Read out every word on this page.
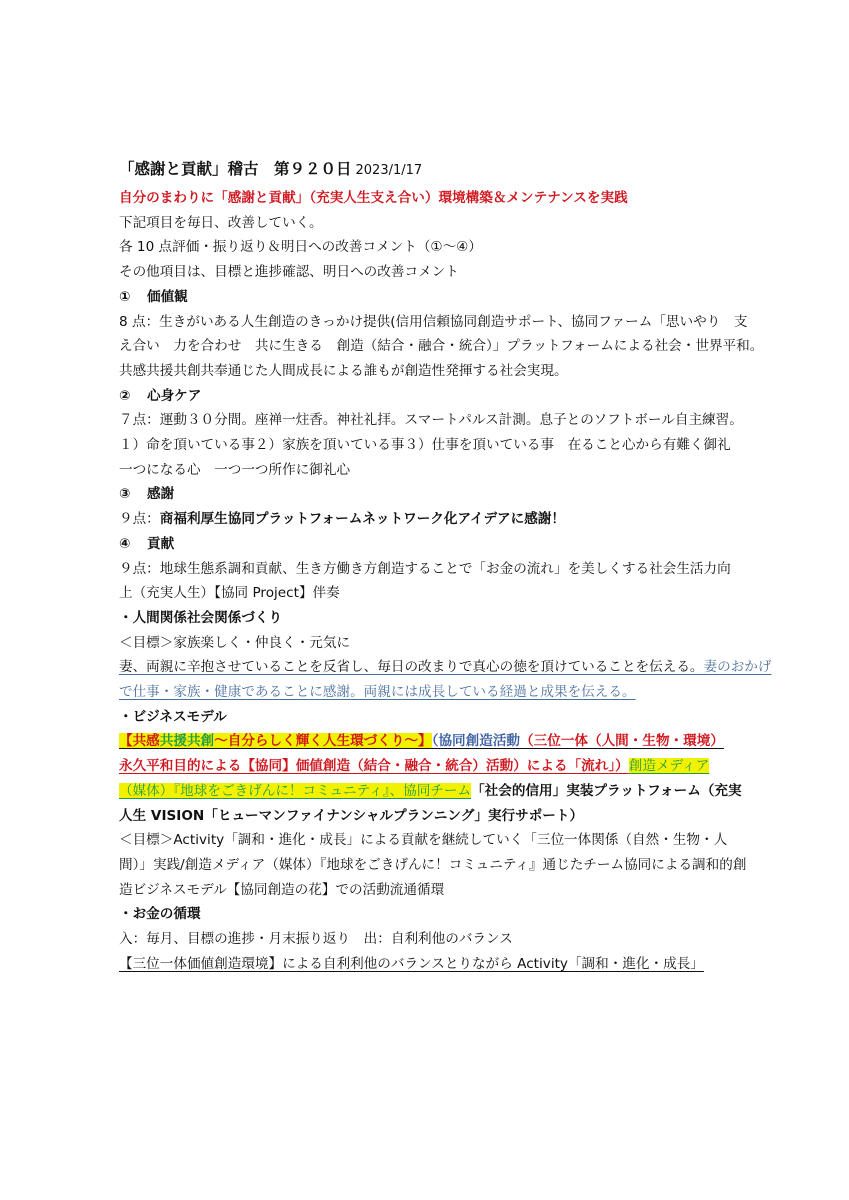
「感謝と貢献」稽古　第９２０日 2023/1/17
自分のまわりに「感謝と貢献」（充実人生支え合い）環境構築＆メンテナンスを実践
下記項目を毎日、改善していく。
各 10 点評価・振り返り＆明日への改善コメント（①～④）
その他項目は、目標と進捗確認、明日への改善コメント
① 価値観
8 点：生きがいある人生創造のきっかけ提供(信用信頼協同創造サポート、協同ファーム「思いやり　支
え合い　力を合わせ　共に生きる　創造（結合・融合・統合）」プラットフォームによる社会・世界平和。
共感共援共創共奉通じた人間成長による誰もが創造性発揮する社会実現。
② 心身ケア
７点：運動３０分間。座禅一炷香。神社礼拝。スマートパルス計測。息子とのソフトボール自主練習。
１）命を頂いている事２）家族を頂いている事３）仕事を頂いている事　在ること心から有難く御礼
一つになる心　一つ一つ所作に御礼心
③ 感謝
９点：商福利厚生協同プラットフォームネットワーク化アイデアに感謝！
④ 貢献
９点：地球生態系調和貢献、生き方働き方創造することで「お金の流れ」を美しくする社会生活力向
上（充実人生）【協同 Project】伴奏
・人間関係社会関係づくり
＜目標＞家族楽しく・仲良く・元気に
妻、両親に辛抱させていることを反省し、毎日の改まりで真心の徳を頂けていることを伝える。妻のおかげ
で仕事・家族・健康であることに感謝。両親には成長している経過と成果を伝える。
・ビジネスモデル
【共感共援共創～自分らしく輝く人生環づくり～】（協同創造活動（三位一体（人間・生物・環境）
永久平和目的による【協同】価値創造（結合・融合・統合）活動）による「流れ」）創造メディア
（媒体）『地球をごきげんに！コミュニティ』、協同チーム「社会的信用」実装プラットフォーム（充実
人生 VISION「ヒューマンファイナンシャルプランニング」実行サポート）
＜目標＞Activity「調和・進化・成長」による貢献を継続していく「三位一体関係（自然・生物・人
間）」実践/創造メディア（媒体）『地球をごきげんに！コミュニティ』通じたチーム協同による調和的創
造ビジネスモデル【協同創造の花】での活動流通循環
・お金の循環
入：毎月、目標の進捗・月末振り返り　出：自利利他のバランス
【三位一体価値創造環境】による自利利他のバランスとりながら Activity「調和・進化・成長」
